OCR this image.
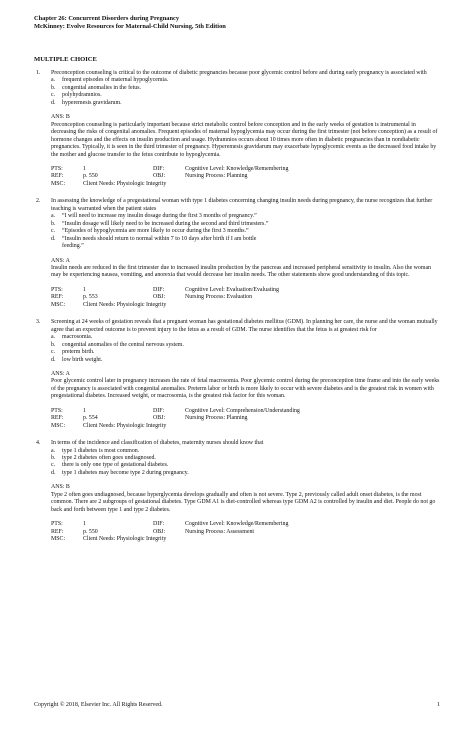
Chapter 26: Concurrent Disorders during Pregnancy
McKinney: Evolve Resources for Maternal-Child Nursing, 5th Edition
MULTIPLE CHOICE
1.	Preconception counseling is critical to the outcome of diabetic pregnancies because poor glycemic control before and during early pregnancy is associated with
a.	frequent episodes of maternal hypoglycemia.
b.	congenital anomalies in the fetus.
c.	polyhydramnios.
d.	hyperemesis gravidarum.
ANS: B
Preconception counseling is particularly important because strict metabolic control before conception and in the early weeks of gestation is instrumental in decreasing the risks of congenital anomalies. Frequent episodes of maternal hypoglycemia may occur during the first trimester (not before conception) as a result of hormone changes and the effects on insulin production and usage. Hydramnios occurs about 10 times more often in diabetic pregnancies than in nondiabetic pregnancies. Typically, it is seen in the third trimester of pregnancy. Hyperemesis gravidarum may exacerbate hypoglycemic events as the decreased food intake by the mother and glucose transfer to the fetus contribute to hypoglycemia.
PTS:	1	DIF:	Cognitive Level: Knowledge/Remembering
REF:	p. 550	OBJ:	Nursing Process: Planning
MSC:	Client Needs: Physiologic Integrity
2.	In assessing the knowledge of a pregestational woman with type 1 diabetes concerning changing insulin needs during pregnancy, the nurse recognizes that further teaching is warranted when the patient states
a.	“I will need to increase my insulin dosage during the first 3 months of pregnancy.”
b.	“Insulin dosage will likely need to be increased during the second and third trimesters.”
c.	“Episodes of hypoglycemia are more likely to occur during the first 3 months.”
d.	“Insulin needs should return to normal within 7 to 10 days after birth if I am bottle feeding.”
ANS: A
Insulin needs are reduced in the first trimester due to increased insulin production by the pancreas and increased peripheral sensitivity to insulin. Also the woman may be experiencing nausea, vomiting, and anorexia that would decrease her insulin needs. The other statements show good understanding of this topic.
PTS:	1	DIF:	Cognitive Level: Evaluation/Evaluating
REF:	p. 553	OBJ:	Nursing Process: Evaluation
MSC:	Client Needs: Physiologic Integrity
3.	Screening at 24 weeks of gestation reveals that a pregnant woman has gestational diabetes mellitus (GDM). In planning her care, the nurse and the woman mutually agree that an expected outcome is to prevent injury to the fetus as a result of GDM. The nurse identifies that the fetus is at greatest risk for
a.	macrosomia.
b.	congenital anomalies of the central nervous system.
c.	preterm birth.
d.	low birth weight.
ANS: A
Poor glycemic control later in pregnancy increases the rate of fetal macrosomia. Poor glycemic control during the preconception time frame and into the early weeks of the pregnancy is associated with congenital anomalies. Preterm labor or birth is more likely to occur with severe diabetes and is the greatest risk in women with pregestational diabetes. Increased weight, or macrosomia, is the greatest risk factor for this woman.
PTS:	1	DIF:	Cognitive Level: Comprehension/Understanding
REF:	p. 554	OBJ:	Nursing Process: Planning
MSC:	Client Needs: Physiologic Integrity
4.	In terms of the incidence and classification of diabetes, maternity nurses should know that
a.	type 1 diabetes is most common.
b.	type 2 diabetes often goes undiagnosed.
c.	there is only one type of gestational diabetes.
d.	type 1 diabetes may become type 2 during pregnancy.
ANS: B
Type 2 often goes undiagnosed, because hyperglycemia develops gradually and often is not severe. Type 2, previously called adult onset diabetes, is the most common. There are 2 subgroups of gestational diabetes. Type GDM A1 is diet-controlled whereas type GDM A2 is controlled by insulin and diet. People do not go back and forth between type 1 and type 2 diabetes.
PTS:	1	DIF:	Cognitive Level: Knowledge/Remembering
REF:	p. 550	OBJ:	Nursing Process: Assessment
MSC:	Client Needs: Physiologic Integrity
Copyright © 2018, Elsevier Inc. All Rights Reserved.	1
